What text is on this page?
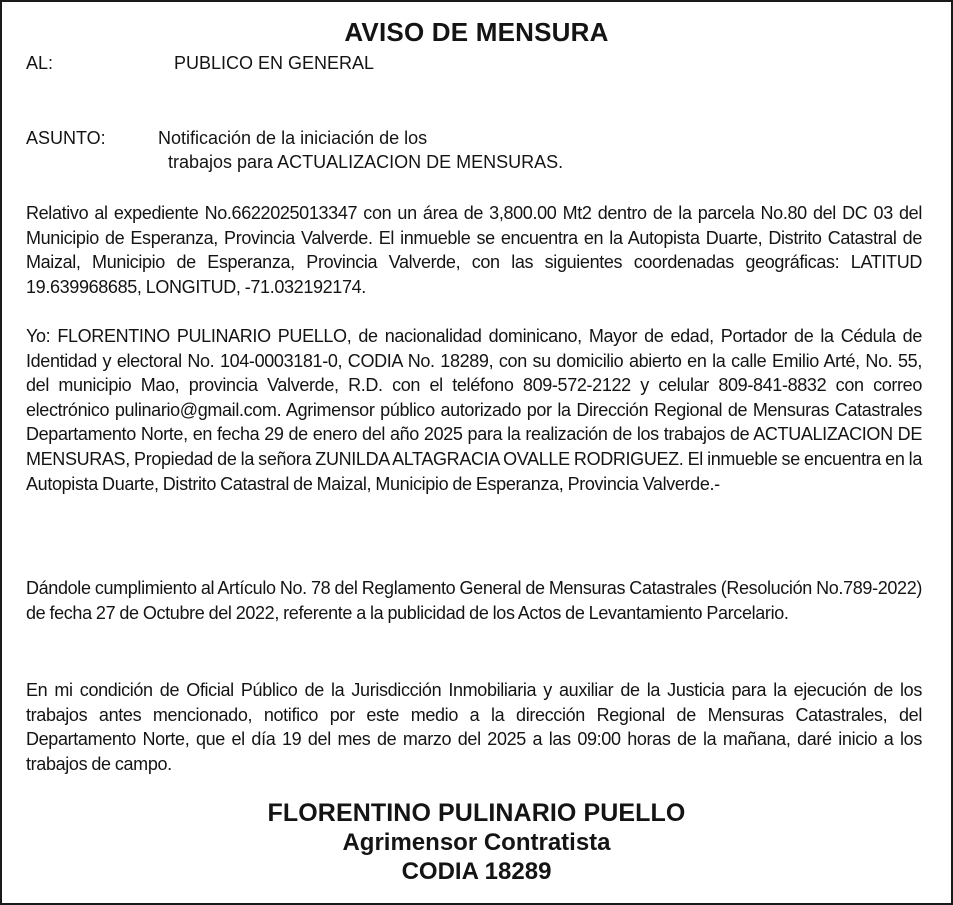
AVISO DE MENSURA
AL:	PUBLICO EN GENERAL
ASUNTO:	Notificación de la iniciación de los
trabajos para ACTUALIZACION DE MENSURAS.

Relativo al expediente No.6622025013347 con un área de 3,800.00 Mt2 dentro de la parcela No.80 del DC 03 del Municipio de Esperanza, Provincia Valverde. El inmueble se encuentra en la Autopista Duarte, Distrito Catastral de Maizal, Municipio de Esperanza, Provincia Valverde, con las siguientes coordenadas geográficas: LATITUD 19.639968685, LONGITUD, -71.032192174.

Yo: FLORENTINO PULINARIO PUELLO, de nacionalidad dominicano, Mayor de edad, Portador de la Cédula de Identidad y electoral No. 104-0003181-0, CODIA No. 18289, con su domicilio abierto en la calle Emilio Arté, No. 55, del municipio Mao, provincia Valverde, R.D. con el teléfono 809-572-2122 y celular 809-841-8832 con correo electrónico pulinario@gmail.com. Agrimensor público autorizado por la Dirección Regional de Mensuras Catastrales Departamento Norte, en fecha 29 de enero del año 2025 para la realización de los trabajos de ACTUALIZACION DE MENSURAS, Propiedad de la señora ZUNILDA ALTAGRACIA OVALLE RODRIGUEZ. El inmueble se encuentra en la Autopista Duarte, Distrito Catastral de Maizal, Municipio de Esperanza, Provincia Valverde.-

Dándole cumplimiento al Artículo No. 78 del Reglamento General de Mensuras Catastrales (Resolución No.789-2022) de fecha 27 de Octubre del 2022, referente a la publicidad de los Actos de Levantamiento Parcelario.

En mi condición de Oficial Público de la Jurisdicción Inmobiliaria y auxiliar de la Justicia para la ejecución de los trabajos antes mencionado, notifico por este medio a la dirección Regional de Mensuras Catastrales, del Departamento Norte, que el día 19 del mes de marzo del 2025 a las 09:00 horas de la mañana, daré inicio a los trabajos de campo.

FLORENTINO PULINARIO PUELLO
Agrimensor Contratista
CODIA 18289
